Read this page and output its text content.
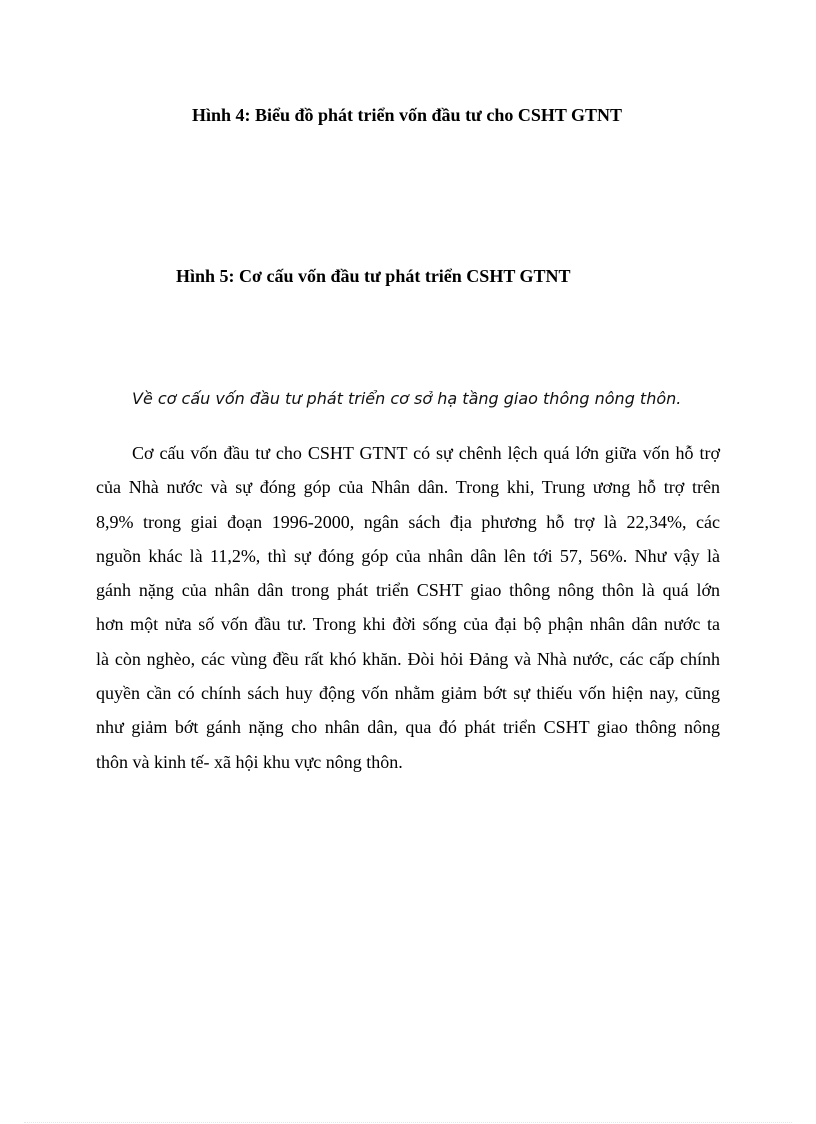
Hình 4: Biểu đồ phát triển vốn đầu tư cho CSHT GTNT

Hình 5: Cơ cấu vốn đầu tư phát triển CSHT GTNT

Về cơ cấu vốn đầu tư phát triển cơ sở hạ tầng giao thông nông thôn.

Cơ cấu vốn đầu tư cho CSHT GTNT có sự chênh lệch quá lớn giữa vốn hỗ trợ
của Nhà nước và sự đóng góp của Nhân dân. Trong khi, Trung ương hỗ trợ trên
8,9% trong giai đoạn 1996-2000, ngân sách địa phương hỗ trợ là 22,34%, các
nguồn khác là 11,2%, thì sự đóng góp của nhân dân lên tới 57, 56%. Như vậy là
gánh nặng của nhân dân trong phát triển CSHT giao thông nông thôn là quá lớn
hơn một nửa số vốn đầu tư. Trong khi đời sống của đại bộ phận nhân dân nước ta
là còn nghèo, các vùng đều rất khó khăn. Đòi hỏi Đảng và Nhà nước, các cấp chính
quyền cần có chính sách huy động vốn nhằm giảm bớt sự thiếu vốn hiện nay, cũng
như giảm bớt gánh nặng cho nhân dân, qua đó phát triển CSHT giao thông nông
thôn và kinh tế- xã hội khu vực nông thôn.
